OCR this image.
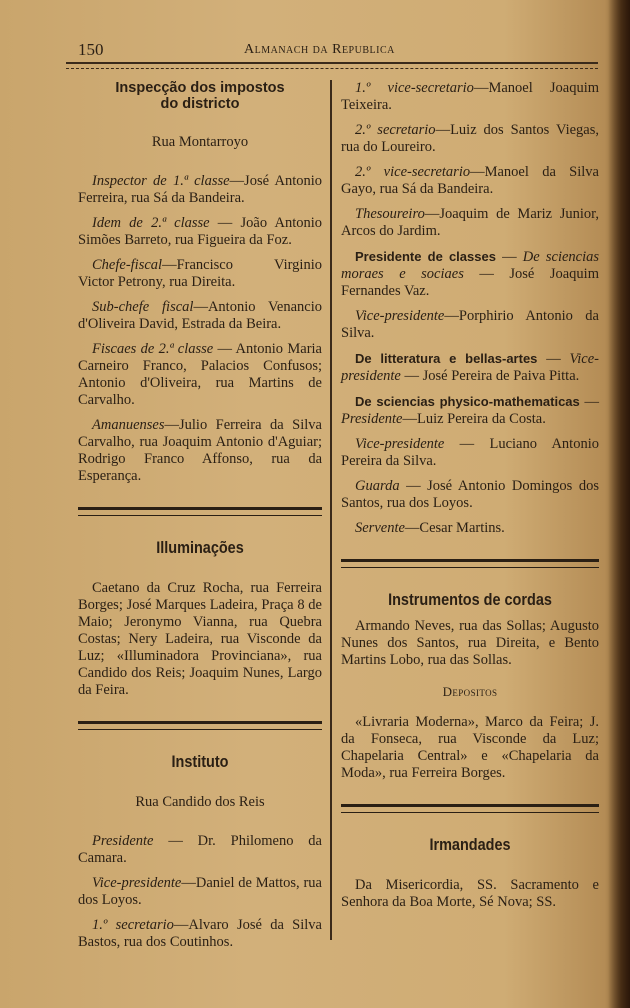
150	Almanach da Republica
Inspecção dos impostos
do districto

Rua Montarroyo

Inspector de 1.ª classe—José Antonio Ferreira, rua Sá da Bandeira.

Idem de 2.ª classe — João Antonio Simões Barreto, rua Figueira da Foz.

Chefe-fiscal—Francisco Virginio Victor Petrony, rua Direita.

Sub-chefe fiscal—Antonio Venancio d'Oliveira David, Estrada da Beira.

Fiscaes de 2.ª classe — Antonio Maria Carneiro Franco, Palacios Confusos; Antonio d'Oliveira, rua Martins de Carvalho.

Amanuenses—Julio Ferreira da Silva Carvalho, rua Joaquim Antonio d'Aguiar; Rodrigo Franco Affonso, rua da Esperança.

Illuminações

Caetano da Cruz Rocha, rua Ferreira Borges; José Marques Ladeira, Praça 8 de Maio; Jeronymo Vianna, rua Quebra Costas; Nery Ladeira, rua Visconde da Luz; «Illuminadora Provinciana», rua Candido dos Reis; Joaquim Nunes, Largo da Feira.

Instituto

Rua Candido dos Reis

Presidente — Dr. Philomeno da Camara.

Vice-presidente—Daniel de Mattos, rua dos Loyos.

1.º secretario—Alvaro José da Silva Bastos, rua dos Coutinhos.

1.º vice-secretario—Manoel Joaquim Teixeira.

2.º secretario—Luiz dos Santos Viegas, rua do Loureiro.

2.º vice-secretario—Manoel da Silva Gayo, rua Sá da Bandeira.

Thesoureiro—Joaquim de Mariz Junior, Arcos do Jardim.

Presidente de classes — De sciencias moraes e sociaes — José Joaquim Fernandes Vaz.

Vice-presidente—Porphirio Antonio da Silva.

De litteratura e bellas-artes — Vice-presidente — José Pereira de Paiva Pitta.

De sciencias physico-mathematicas — Presidente—Luiz Pereira da Costa.

Vice-presidente — Luciano Antonio Pereira da Silva.

Guarda — José Antonio Domingos dos Santos, rua dos Loyos.

Servente—Cesar Martins.

Instrumentos de cordas

Armando Neves, rua das Sollas; Augusto Nunes dos Santos, rua Direita, e Bento Martins Lobo, rua das Sollas.

Depositos

«Livraria Moderna», Marco da Feira; J. da Fonseca, rua Visconde da Luz; Chapelaria Central» e «Chapelaria da Moda», rua Ferreira Borges.

Irmandades

Da Misericordia, SS. Sacramento e Senhora da Boa Morte, Sé Nova; SS.
